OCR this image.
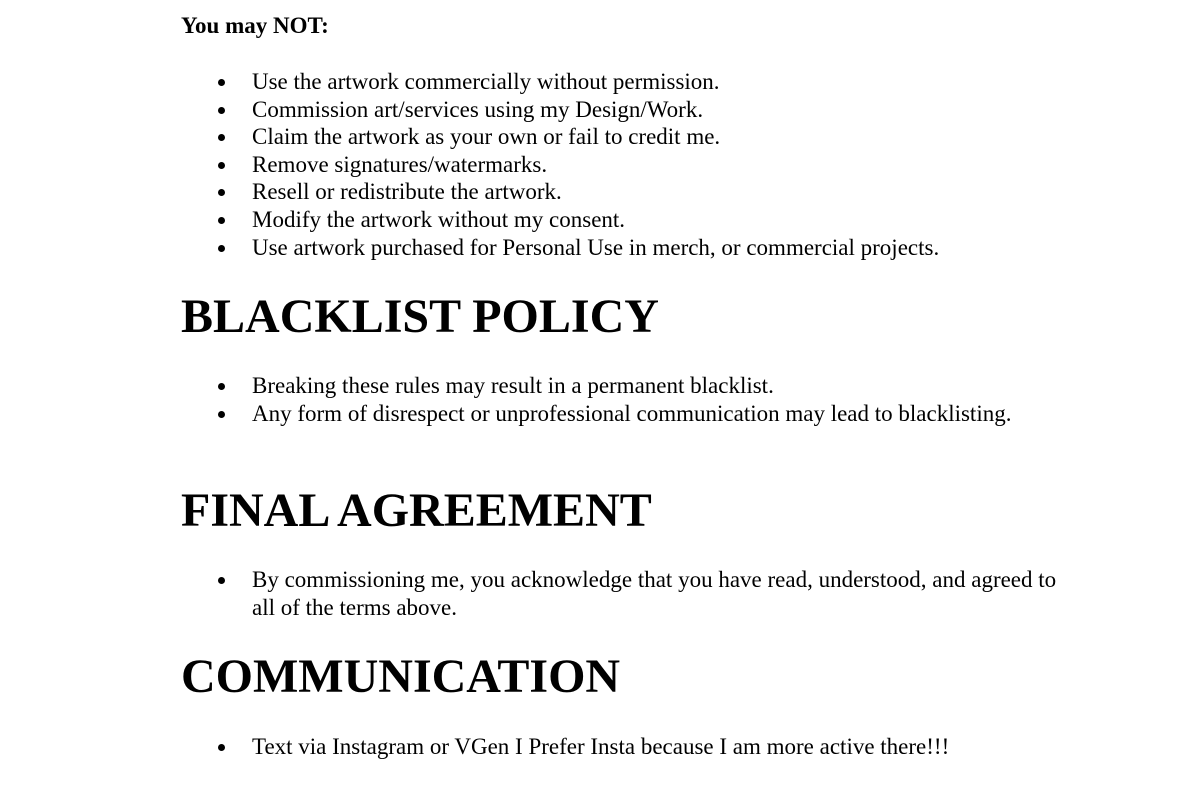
You may NOT:

Use the artwork commercially without permission.
Commission art/services using my Design/Work.
Claim the artwork as your own or fail to credit me.
Remove signatures/watermarks.
Resell or redistribute the artwork.
Modify the artwork without my consent.
Use artwork purchased for Personal Use in merch, or commercial projects.
BLACKLIST POLICY
Breaking these rules may result in a permanent blacklist.
Any form of disrespect or unprofessional communication may lead to blacklisting.
FINAL AGREEMENT
By commissioning me, you acknowledge that you have read, understood, and agreed to all of the terms above.
COMMUNICATION
Text via Instagram or VGen I Prefer Insta because I am more active there!!!
